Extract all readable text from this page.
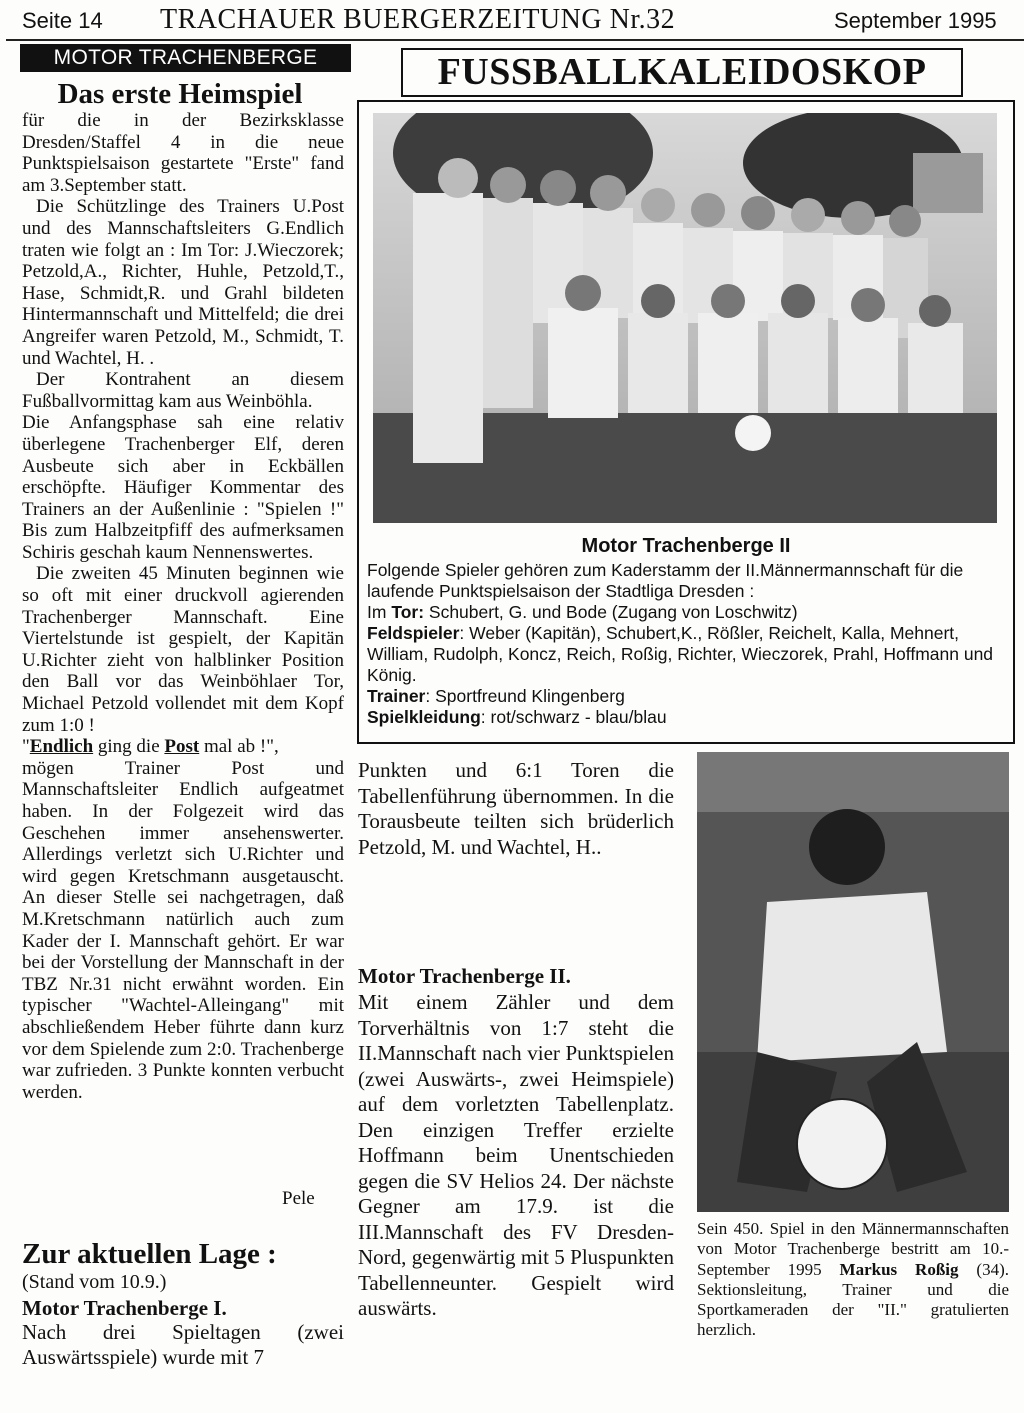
Seite 14 TRACHAUER BUERGERZEITUNG Nr.32	September 1995
MOTOR TRACHENBERGE
Das erste Heimspiel

für die in der Bezirksklasse Dresden/Staffel 4 in die neue Punktspielsaison gestartete "Erste" fand am 3.September statt.

Die Schützlinge des Trainers U.Post und des Mannschaftsleiters G.Endlich traten wie folgt an : Im Tor: J.Wieczorek; Petzold,A., Richter, Huhle, Petzold,T., Hase, Schmidt,R. und Grahl bildeten Hintermannschaft und Mittelfeld; die drei Angreifer waren Petzold, M., Schmidt, T. und Wachtel, H. .

Der Kontrahent an diesem Fußballvormittag kam aus Weinböhla.

Die Anfangsphase sah eine relativ überlegene Trachenberger Elf, deren Ausbeute sich aber in Eckbällen erschöpfte. Häufiger Kommentar des Trainers an der Außenlinie : "Spielen !" Bis zum Halbzeitpfiff des aufmerksamen Schiris geschah kaum Nennenswertes.

Die zweiten 45 Minuten beginnen wie so oft mit einer druckvoll agierenden Trachenberger Mannschaft. Eine Viertelstunde ist gespielt, der Kapitän U.Richter zieht von halblinker Position den Ball vor das Weinböhlaer Tor, Michael Petzold vollendet mit dem Kopf zum 1:0 !

"Endlich ging die Post mal ab !",

mögen Trainer Post und Mannschaftsleiter Endlich aufgeatmet haben. In der Folgezeit wird das Geschehen immer ansehenswerter. Allerdings verletzt sich U.Richter und wird gegen Kretschmann ausgetauscht. An dieser Stelle sei nachgetragen, daß M.Kretschmann natürlich auch zum Kader der I. Mannschaft gehört. Er war bei der Vorstellung der Mannschaft in der TBZ Nr.31 nicht erwähnt worden. Ein typischer "Wachtel-Alleingang" mit abschließendem Heber führte dann kurz vor dem Spielende zum 2:0. Trachenberge war zufrieden. 3 Punkte konnten verbucht werden.

Pele
Zur aktuellen Lage :
(Stand vom 10.9.)
Motor Trachenberge I.
Nach drei Spieltagen (zwei Auswärtsspiele) wurde mit 7
FUSSBALLKALEIDOSKOP
Motor Trachenberge II
Folgende Spieler gehören zum Kaderstamm der II.Männermannschaft für die laufende Punktspielsaison der Stadtliga Dresden :
Im Tor: Schubert, G. und Bode (Zugang von Loschwitz)
Feldspieler: Weber (Kapitän), Schubert,K., Rößler, Reichelt, Kalla, Mehnert, William, Rudolph, Koncz, Reich, Roßig, Richter, Wieczorek, Prahl, Hoffmann und König.
Trainer: Sportfreund Klingenberg
Spielkleidung: rot/schwarz - blau/blau
Punkten und 6:1 Toren die Tabellenführung übernommen. In die Torausbeute teilten sich brüderlich Petzold, M. und Wachtel, H..
Motor Trachenberge II.
Mit einem Zähler und dem Torverhältnis von 1:7 steht die II.Mannschaft nach vier Punktspielen (zwei Auswärts-, zwei Heimspiele) auf dem vorletzten Tabellenplatz. Den einzigen Treffer erzielte Hoffmann beim Unentschieden gegen die SV Helios 24. Der nächste Gegner am 17.9. ist die III.Mannschaft des FV Dresden-Nord, gegenwärtig mit 5 Pluspunkten Tabellenneunter. Gespielt wird auswärts.
Sein 450. Spiel in den Männermannschaften von Motor Trachenberge bestritt am 10.-September 1995 Markus Roßig (34). Sektionsleitung, Trainer und die Sportkameraden der "II." gratulierten herzlich.
